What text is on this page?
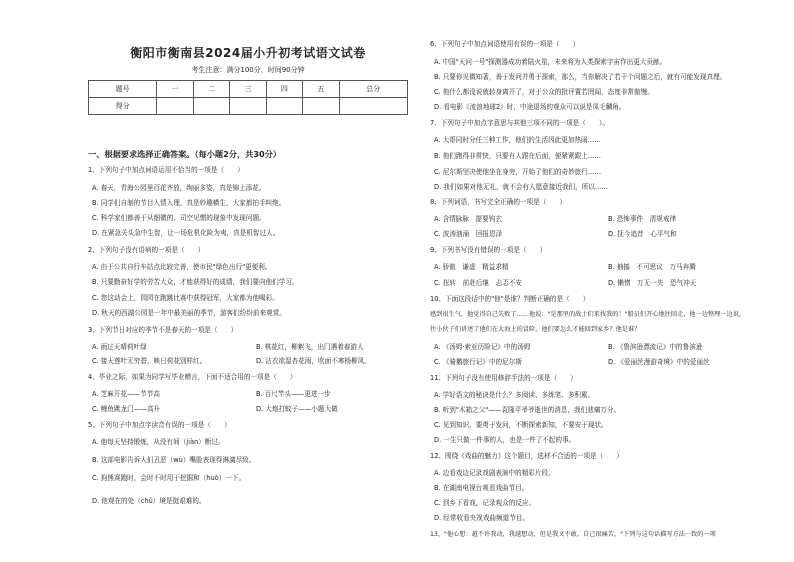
衡阳市衡南县2024届小升初考试语文试卷
考生注意：满分100分，时间90分钟
题号	一	二	三	四	五	总分
得分						
一、根据要求选择正确答案。（每小题2分，共30分）
1、下列句子中加点词语运用不恰当的一项是（　　）
A. 春天，青海公园里百花齐放，绚丽多姿，真是锦上添花。
B. 同学们自制的节目入情入理，真是妙趣横生，大家都拍手叫绝。
C. 科学家们都善于从细微的、司空见惯的现象中发现问题。
D. 在紧急关头急中生智，让一场危机化险为夷，真是机智过人。
2、下列句子没有语病的一项是（　　）
A. 由于公共自行车站点比较完善，使市民"绿色出行"更便利。
B. 只要勤奋好学的劳苦大众，才能获得好的成绩，我们要向他们学习。
C. 您这动会上，园园在跑跳比赛中获得冠军，大家都为他喝彩。
D. 秋天的西湖公园是一年中最美丽的季节，游客们纷纷前来观赏。
3、下列节日对应的季节不是春天的一项是（　　）
A. 雨过天晴荷叶绿	B. 桃花红，柳絮飞，出门遇着春游人
C. 接天莲叶无穷碧，映日荷花别样红。	D. 沾衣欲湿杏花雨，吹面不寒杨柳风。
4、毕业之际，如果为同学写毕业赠言，下面不适合用的一项是（　　）
A. 芝麻开花——节节高	B. 百尺竿头——更进一步
C. 鲤鱼跳龙门——高升	D. 大炮打蚊子——小题大做
5、下列句子中加点字读音有误的一项是（　　）
A. 他每天坚持锻炼，从没有间（jiàn）断过。
B. 这部电影告诉人们丑恶（wù）嘴脸表现得淋漓尽致。
C. 狗熊赛跑时，会时不时用于挖掘和（huò）一下。
D. 他观在的处（chǔ）境是挺艰难的。
6、下列句子中加点词语使用有误的一项是（　　）
A. 中国"天问一号"探测器成功着陆火星，未来将为人类探索宇宙作出更大贡献。
B. 只要你见微知著，善于发问并勇于探索，那么，当你解决了若干个问题之后，就有可能发现真理。
C. 他什么都没说就转身离开了，对于公众的批评置若罔闻，态度非常傲慢。
D. 看电影《流浪地球2》时，中途退场的观众可以说是凤毛麟角。
7、下列句子中加点字意思与其他三项不同的一项是（　　）。
A. 大哥同时分任三种工作，他们的生活因此更加热闹……
B. 他们跑得非常快，只要有人跟在后面，便紧紧跟上……
C. 尼尔斯坚决使他坐在身旁，开始了他们的奇妙旅行……
D. 我们如果对他无礼，就不会有人愿意接近我们，所以……
8、下列词语，书写完全正确的一项是（　　）
A. 含情脉脉　提要钩玄	B. 恐怖事件　清规戒律
C. 波涛汹涌　回报恩泽	D. 抚今追昔　心平气和
9、下列书写没有错误的一项是（　　）
A. 骄傲　谦虚　精益求精	B. 抽搐　不可思议　万马奔腾
C. 扭转　前赴后继　忐忑不安	D. 懒惰　万无一失　恐气冲天
10、下面这段话中的"他"是谁？判断正确的是（　　）
感到很生气，他觉得自己失败了……他说："是那里的战士们来找我的！"船员们开心地往回走，他一边整理一边说，
往小伙子们讲述了他们在大海上的冒险，他们要怎么才能回到家乡？他是谁？
A. 《汤姆·索亚历险记》中的汤姆	B. 《鲁滨逊漂流记》中的鲁滨逊
C. 《骑鹅旅行记》中的尼尔斯	D. 《爱丽丝漫游奇境》中的爱丽丝
11、下列句子没有使用修辞手法的一项是（　　）
A. 学好语文的秘诀是什么？多阅读、多练笔、多积累。
B. 听到"木箱之父"——袁隆平爷爷逝世的消息，我们悲痛万分。
C. 见到知识，要勇于发问，不断探索新知，不要安于现状。
D. 一生只做一件事的人，也是一件了不起的事。
12、围绕《戏曲的魅力》这个题目，选材不合适的一项是（　　）
A. 边看戏边记录戏剧表演中的精彩片段。
B. 在湖南电视台观看戏曲节目。
C. 到乡下看戏，记录观众的反应。
D. 经常收看央视戏曲频道节目。
13、"他心想：越不许我动，我越想动，但是我又不敢，自己很痛苦。"下列与这句话描写方法一致的一项
